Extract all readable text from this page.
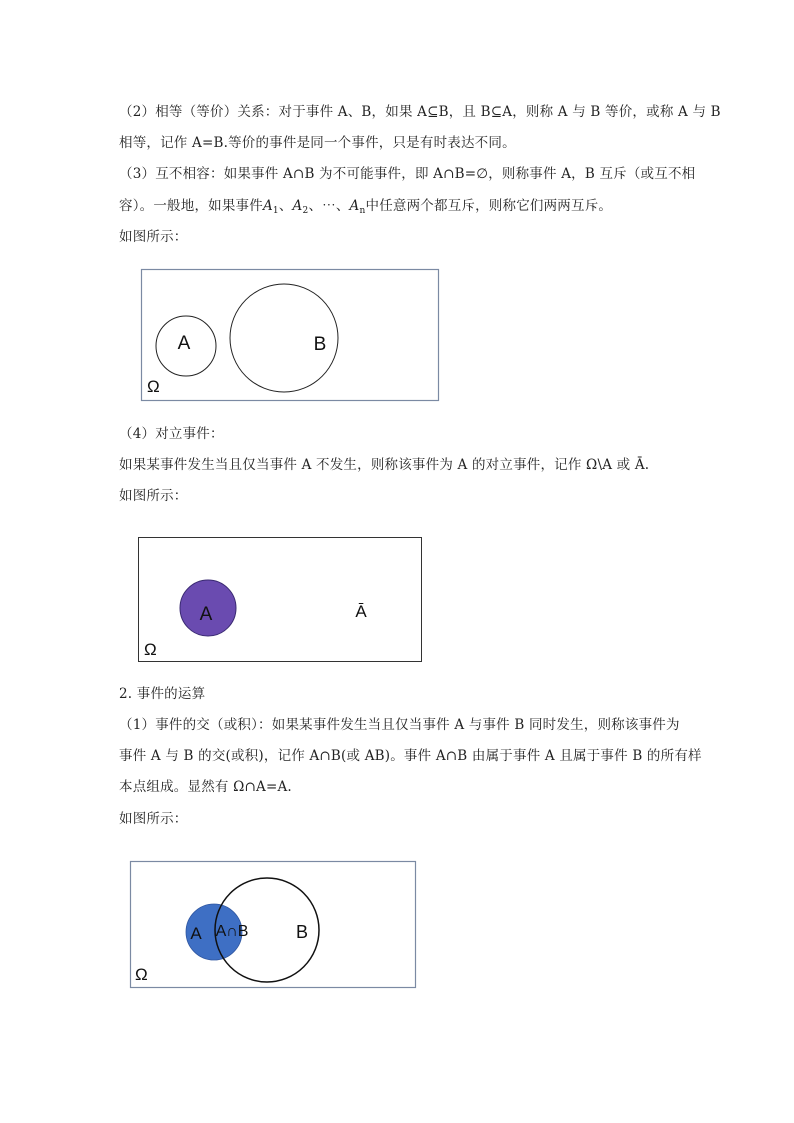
（2）相等（等价）关系：对于事件 A、B，如果 A⊆B，且 B⊆A，则称 A 与 B 等价，或称 A 与 B
相等，记作 A=B.等价的事件是同一个事件，只是有时表达不同。
（3）互不相容：如果事件 A∩B 为不可能事件，即 A∩B=∅，则称事件 A，B 互斥（或互不相
容）。一般地，如果事件$A_1$、$A_2$、⋯、$A_n$中任意两个都互斥，则称它们两两互斥。
如图所示：
A	B
Ω
（4）对立事件：
如果某事件发生当且仅当事件 A 不发生，则称该事件为 A 的对立事件，记作 Ω\A 或 Ā.
如图所示：
A	Ā
Ω
2. 事件的运算
（1）事件的交（或积）：如果某事件发生当且仅当事件 A 与事件 B 同时发生，则称该事件为
事件 A 与 B 的交(或积)，记作 A∩B(或 AB)。事件 A∩B 由属于事件 A 且属于事件 B 的所有样
本点组成。显然有 Ω∩A=A.
如图所示：
A A∩B	B
Ω
